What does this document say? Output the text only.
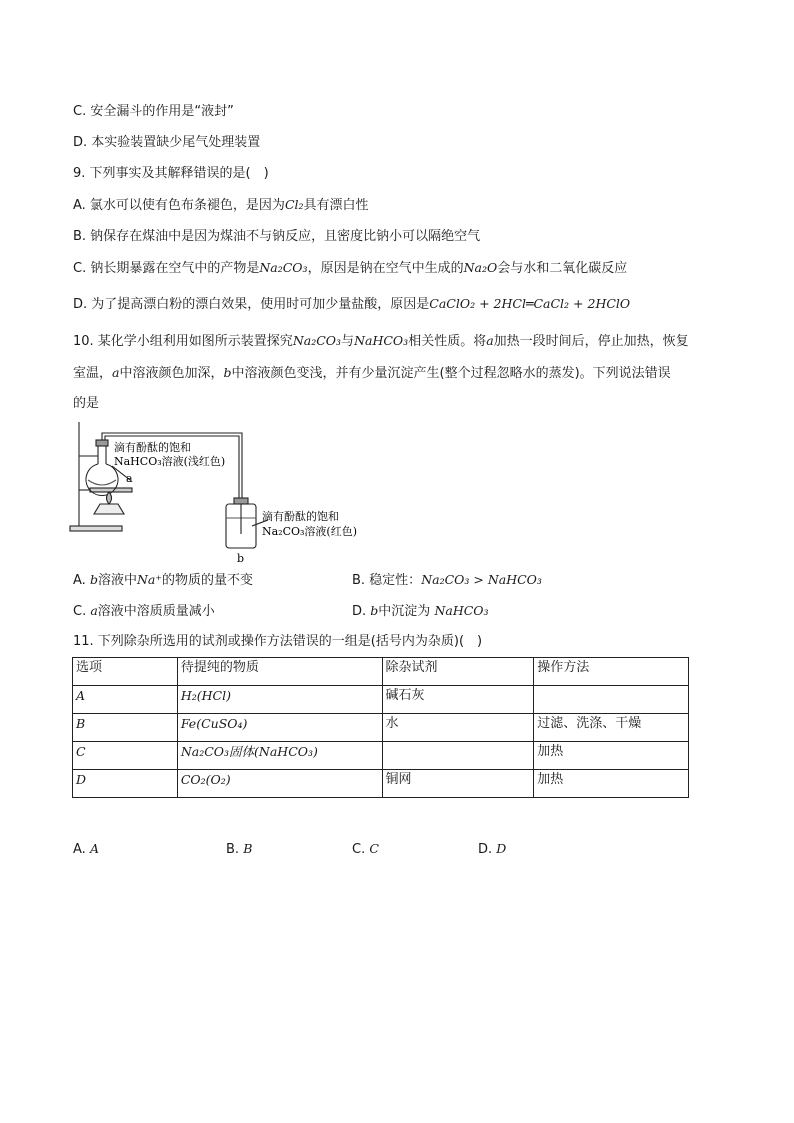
C. 安全漏斗的作用是“液封”
D. 本实验装置缺少尾气处理装置
9. 下列事实及其解释错误的是(　)
A. 氯水可以使有色布条褪色，是因为Cl₂具有漂白性
B. 钠保存在煤油中是因为煤油不与钠反应，且密度比钠小可以隔绝空气
C. 钠长期暴露在空气中的产物是Na₂CO₃，原因是钠在空气中生成的Na₂O会与水和二氧化碳反应
D. 为了提高漂白粉的漂白效果，使用时可加少量盐酸，原因是CaClO₂ + 2HCl═CaCl₂ + 2HClO
10. 某化学小组利用如图所示装置探究Na₂CO₃与NaHCO₃相关性质。将a加热一段时间后，停止加热，恢复
室温，a中溶液颜色加深，b中溶液颜色变浅，并有少量沉淀产生(整个过程忽略水的蒸发)。下列说法错误
的是
滴有酚酞的饱和
NaHCO₃溶液(浅红色)
a
滴有酚酞的饱和
Na₂CO₃溶液(红色)
b
A. b溶液中Na⁺的物质的量不变	B. 稳定性：Na₂CO₃ > NaHCO₃
C. a溶液中溶质质量减小	D. b中沉淀为 NaHCO₃
11. 下列除杂所选用的试剂或操作方法错误的一组是(括号内为杂质)(　)
选项	待提纯的物质	除杂试剂	操作方法
A	H₂(HCl)	碱石灰	
B	Fe(CuSO₄)	水	过滤、洗涤、干燥
C	Na₂CO₃固体(NaHCO₃)		加热
D	CO₂(O₂)	铜网	加热
A. A	B. B	C. C	D. D
